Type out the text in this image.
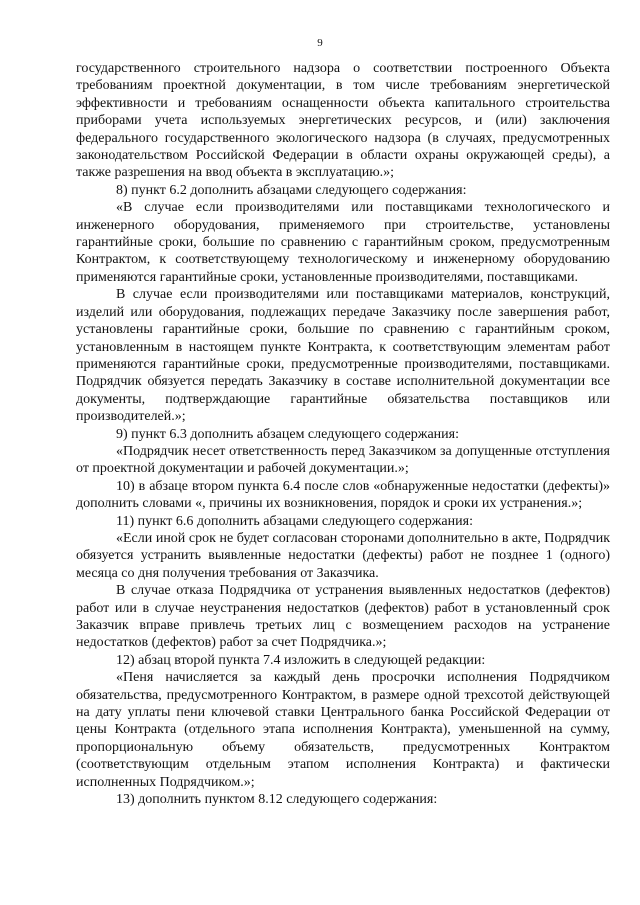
9

государственного строительного надзора о соответствии построенного Объекта требованиям проектной документации, в том числе требованиям энергетической эффективности и требованиям оснащенности объекта капитального строительства приборами учета используемых энергетических ресурсов, и (или) заключения федерального государственного экологического надзора (в случаях, предусмотренных законодательством Российской Федерации в области охраны окружающей среды), а также разрешения на ввод объекта в эксплуатацию.»;

8) пункт 6.2 дополнить абзацами следующего содержания:

«В случае если производителями или поставщиками технологического и инженерного оборудования, применяемого при строительстве, установлены гарантийные сроки, большие по сравнению с гарантийным сроком, предусмотренным Контрактом, к соответствующему технологическому и инженерному оборудованию применяются гарантийные сроки, установленные производителями, поставщиками.

В случае если производителями или поставщиками материалов, конструкций, изделий или оборудования, подлежащих передаче Заказчику после завершения работ, установлены гарантийные сроки, большие по сравнению с гарантийным сроком, установленным в настоящем пункте Контракта, к соответствующим элементам работ применяются гарантийные сроки, предусмотренные производителями, поставщиками. Подрядчик обязуется передать Заказчику в составе исполнительной документации все документы, подтверждающие гарантийные обязательства поставщиков или производителей.»;

9) пункт 6.3 дополнить абзацем следующего содержания:

«Подрядчик несет ответственность перед Заказчиком за допущенные отступления от проектной документации и рабочей документации.»;

10) в абзаце втором пункта 6.4 после слов «обнаруженные недостатки (дефекты)» дополнить словами «, причины их возникновения, порядок и сроки их устранения.»;

11) пункт 6.6 дополнить абзацами следующего содержания:

«Если иной срок не будет согласован сторонами дополнительно в акте, Подрядчик обязуется устранить выявленные недостатки (дефекты) работ не позднее 1 (одного) месяца со дня получения требования от Заказчика.

В случае отказа Подрядчика от устранения выявленных недостатков (дефектов) работ или в случае неустранения недостатков (дефектов) работ в установленный срок Заказчик вправе привлечь третьих лиц с возмещением расходов на устранение недостатков (дефектов) работ за счет Подрядчика.»;

12) абзац второй пункта 7.4 изложить в следующей редакции:

«Пеня начисляется за каждый день просрочки исполнения Подрядчиком обязательства, предусмотренного Контрактом, в размере одной трехсотой действующей на дату уплаты пени ключевой ставки Центрального банка Российской Федерации от цены Контракта (отдельного этапа исполнения Контракта), уменьшенной на сумму, пропорциональную объему обязательств, предусмотренных Контрактом (соответствующим отдельным этапом исполнения Контракта) и фактически исполненных Подрядчиком.»;

13) дополнить пунктом 8.12 следующего содержания:
